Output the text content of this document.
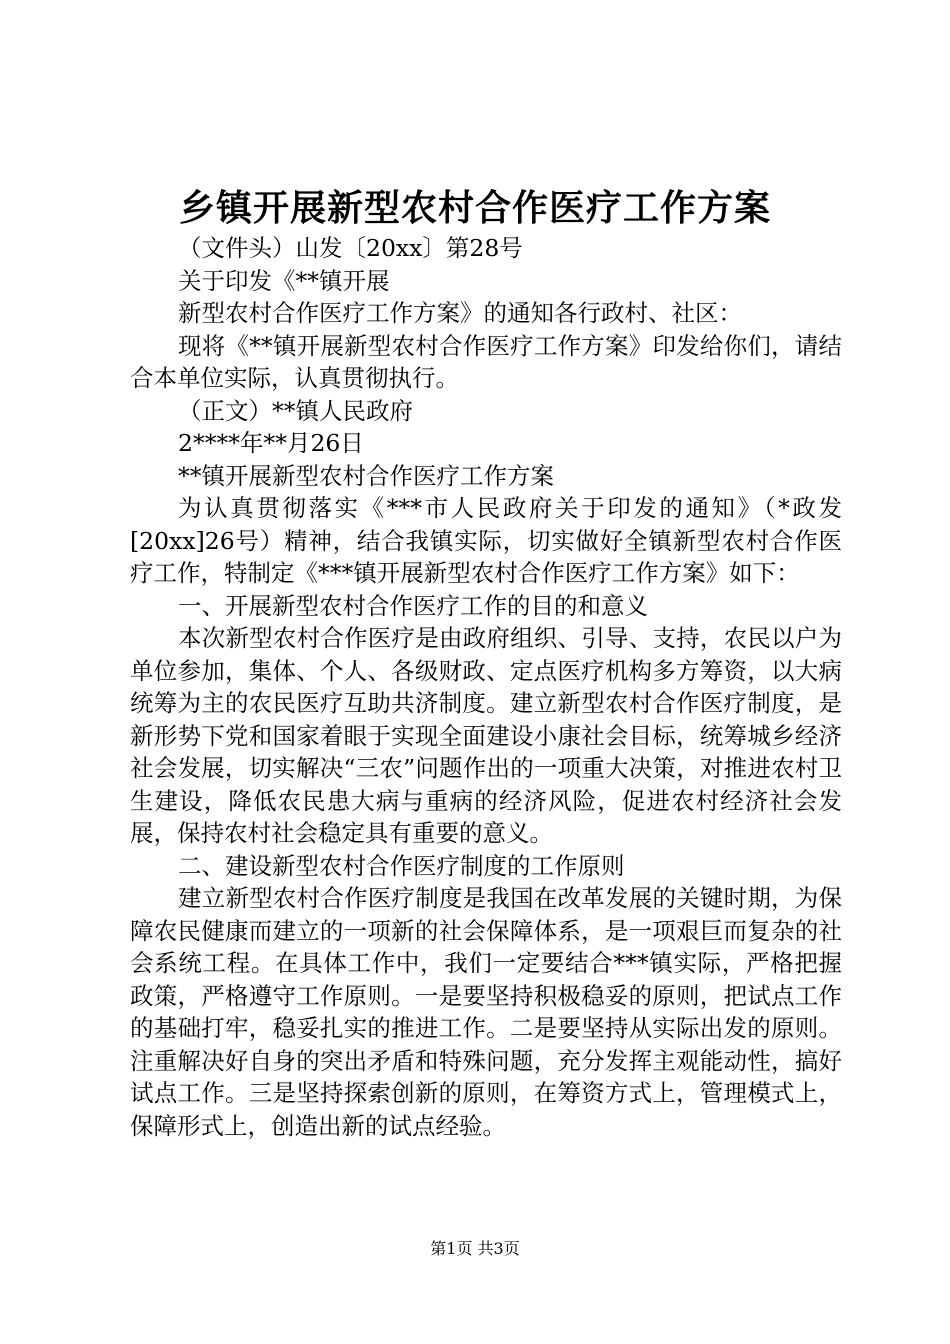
乡镇开展新型农村合作医疗工作方案

（文件头）山发〔20xx〕第28号

关于印发《**镇开展

新型农村合作医疗工作方案》的通知各行政村、社区：

现将《**镇开展新型农村合作医疗工作方案》印发给你们，请结合本单位实际，认真贯彻执行。

（正文）**镇人民政府

2****年**月26日

**镇开展新型农村合作医疗工作方案

为认真贯彻落实《***市人民政府关于印发的通知》（*政发[20xx]26号）精神，结合我镇实际，切实做好全镇新型农村合作医疗工作，特制定《***镇开展新型农村合作医疗工作方案》如下：

一、开展新型农村合作医疗工作的目的和意义

本次新型农村合作医疗是由政府组织、引导、支持，农民以户为单位参加，集体、个人、各级财政、定点医疗机构多方筹资，以大病统筹为主的农民医疗互助共济制度。建立新型农村合作医疗制度，是新形势下党和国家着眼于实现全面建设小康社会目标，统筹城乡经济社会发展，切实解决“三农”问题作出的一项重大决策，对推进农村卫生建设，降低农民患大病与重病的经济风险，促进农村经济社会发展，保持农村社会稳定具有重要的意义。

二、建设新型农村合作医疗制度的工作原则

建立新型农村合作医疗制度是我国在改革发展的关键时期，为保障农民健康而建立的一项新的社会保障体系，是一项艰巨而复杂的社会系统工程。在具体工作中，我们一定要结合***镇实际，严格把握政策，严格遵守工作原则。一是要坚持积极稳妥的原则，把试点工作的基础打牢，稳妥扎实的推进工作。二是要坚持从实际出发的原则。注重解决好自身的突出矛盾和特殊问题，充分发挥主观能动性，搞好试点工作。三是坚持探索创新的原则，在筹资方式上，管理模式上，保障形式上，创造出新的试点经验。

第1页 共3页
